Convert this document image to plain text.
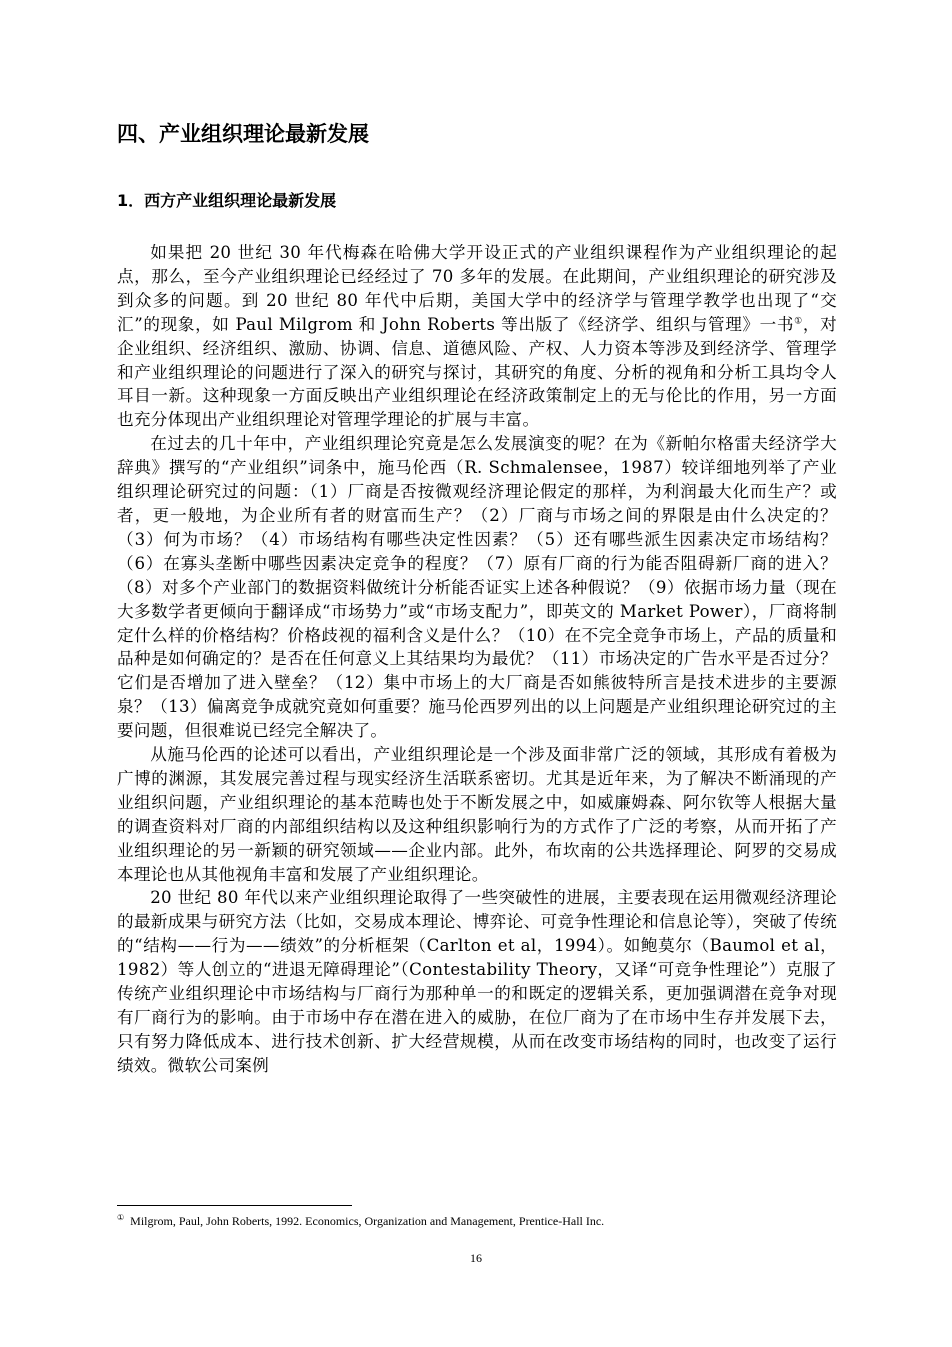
四、产业组织理论最新发展
1．西方产业组织理论最新发展

如果把 20 世纪 30 年代梅森在哈佛大学开设正式的产业组织课程作为产业组织理论的起点，那么，至今产业组织理论已经经过了 70 多年的发展。在此期间，产业组织理论的研究涉及到众多的问题。到 20 世纪 80 年代中后期，美国大学中的经济学与管理学教学也出现了“交汇”的现象，如 Paul Milgrom 和 John Roberts 等出版了《经济学、组织与管理》一书①，对企业组织、经济组织、激励、协调、信息、道德风险、产权、人力资本等涉及到经济学、管理学和产业组织理论的问题进行了深入的研究与探讨，其研究的角度、分析的视角和分析工具均令人耳目一新。这种现象一方面反映出产业组织理论在经济政策制定上的无与伦比的作用，另一方面也充分体现出产业组织理论对管理学理论的扩展与丰富。

在过去的几十年中，产业组织理论究竟是怎么发展演变的呢？在为《新帕尔格雷夫经济学大辞典》撰写的“产业组织”词条中，施马伦西（R. Schmalensee，1987）较详细地列举了产业组织理论研究过的问题：（1）厂商是否按微观经济理论假定的那样，为利润最大化而生产？或者，更一般地，为企业所有者的财富而生产？（2）厂商与市场之间的界限是由什么决定的？（3）何为市场？（4）市场结构有哪些决定性因素？（5）还有哪些派生因素决定市场结构？（6）在寡头垄断中哪些因素决定竞争的程度？（7）原有厂商的行为能否阻碍新厂商的进入？（8）对多个产业部门的数据资料做统计分析能否证实上述各种假说？（9）依据市场力量（现在大多数学者更倾向于翻译成“市场势力”或“市场支配力”，即英文的 Market Power），厂商将制定什么样的价格结构？价格歧视的福利含义是什么？（10）在不完全竞争市场上，产品的质量和品种是如何确定的？是否在任何意义上其结果均为最优？（11）市场决定的广告水平是否过分？它们是否增加了进入壁垒？（12）集中市场上的大厂商是否如熊彼特所言是技术进步的主要源泉？（13）偏离竞争成就究竟如何重要？施马伦西罗列出的以上问题是产业组织理论研究过的主要问题，但很难说已经完全解决了。

从施马伦西的论述可以看出，产业组织理论是一个涉及面非常广泛的领域，其形成有着极为广博的渊源，其发展完善过程与现实经济生活联系密切。尤其是近年来，为了解决不断涌现的产业组织问题，产业组织理论的基本范畴也处于不断发展之中，如威廉姆森、阿尔钦等人根据大量的调查资料对厂商的内部组织结构以及这种组织影响行为的方式作了广泛的考察，从而开拓了产业组织理论的另一新颖的研究领域——企业内部。此外，布坎南的公共选择理论、阿罗的交易成本理论也从其他视角丰富和发展了产业组织理论。

20 世纪 80 年代以来产业组织理论取得了一些突破性的进展，主要表现在运用微观经济理论的最新成果与研究方法（比如，交易成本理论、博弈论、可竞争性理论和信息论等），突破了传统的“结构——行为——绩效”的分析框架（Carlton et al，1994）。如鲍莫尔（Baumol et al，1982）等人创立的“进退无障碍理论”（Contestability Theory，又译“可竞争性理论”）克服了传统产业组织理论中市场结构与厂商行为那种单一的和既定的逻辑关系，更加强调潜在竞争对现有厂商行为的影响。由于市场中存在潜在进入的威胁，在位厂商为了在市场中生存并发展下去，只有努力降低成本、进行技术创新、扩大经营规模，从而在改变市场结构的同时，也改变了运行绩效。微软公司案例

① Milgrom, Paul, John Roberts, 1992. Economics, Organization and Management, Prentice-Hall Inc.
16
